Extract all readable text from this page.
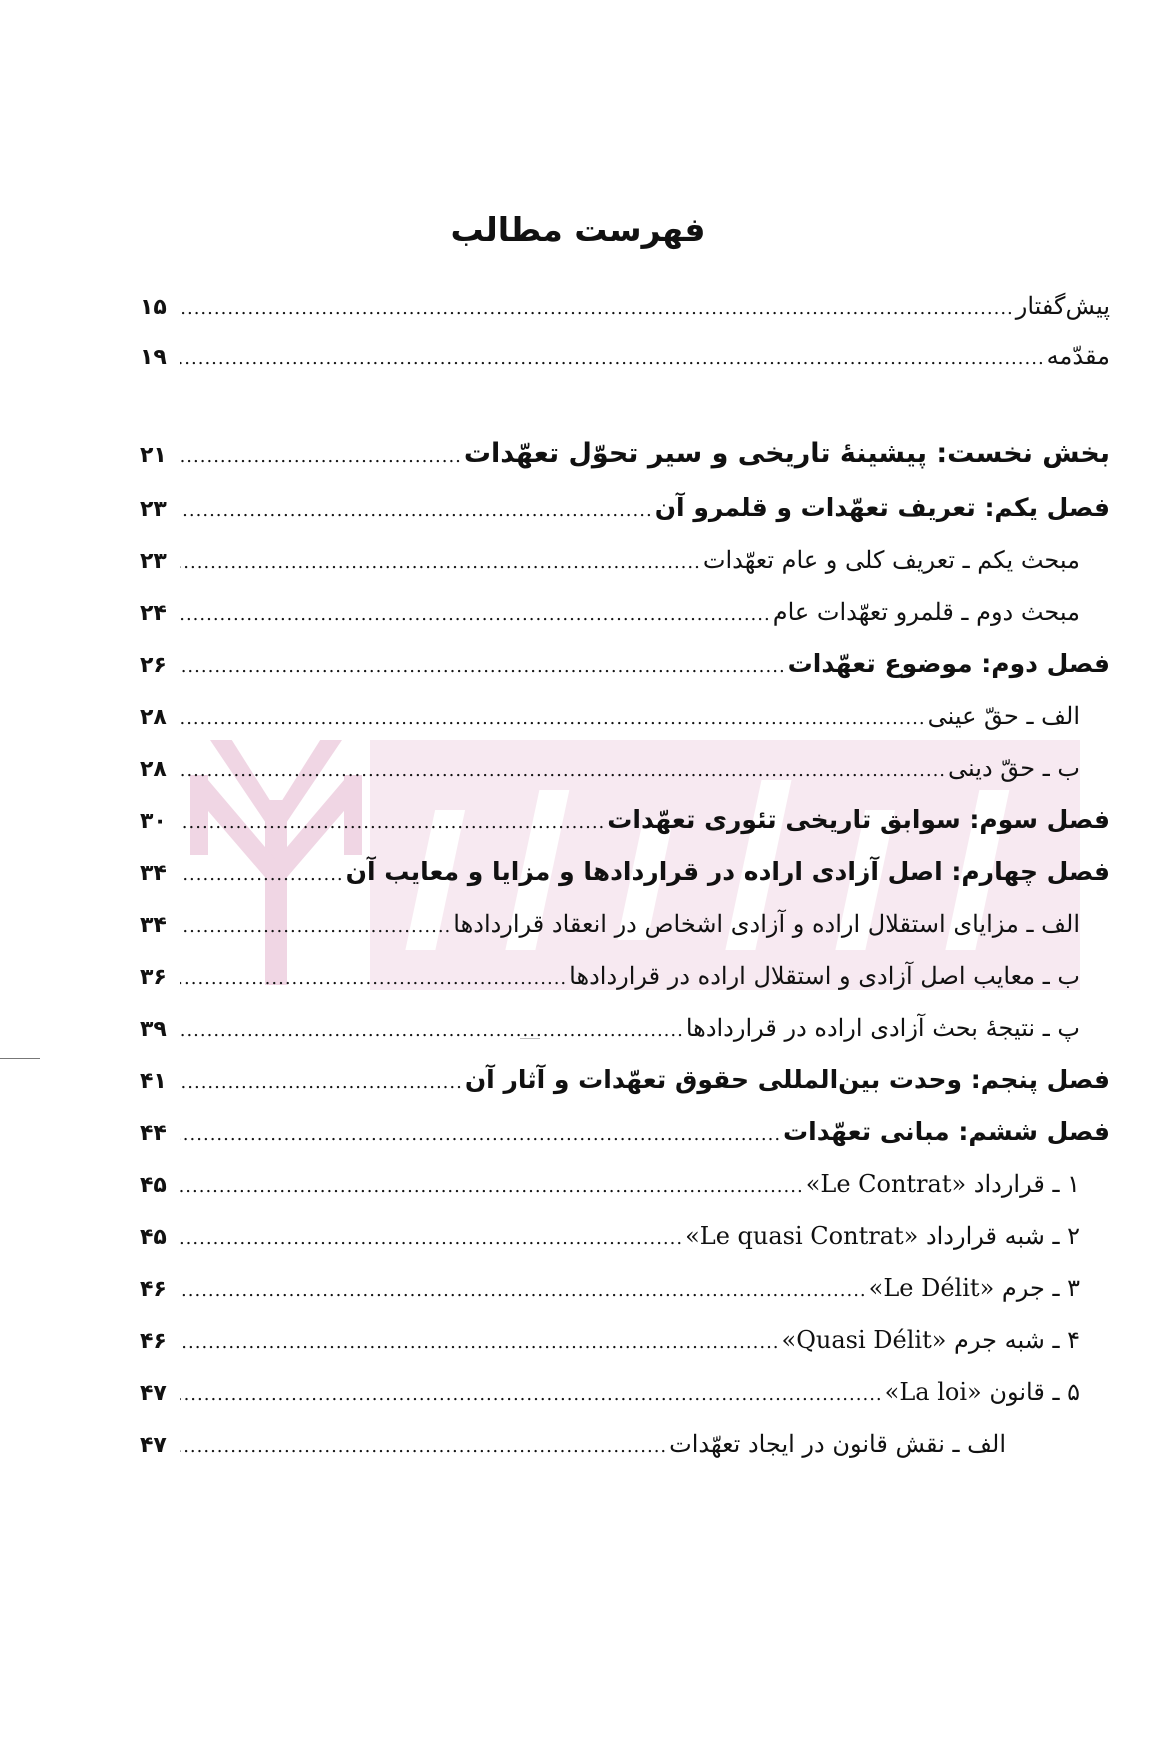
فهرست مطالب
پیش‌گفتار
.....
۱۵
مقدّمه
.....
۱۹
بخش نخست: پیشینهٔ تاریخی و سیر تحوّل تعهّدات
.....
۲۱
فصل یکم: تعریف تعهّدات و قلمرو آن
.....
۲۳
مبحث یکم ـ تعریف کلی و عام تعهّدات
.....
۲۳
مبحث دوم ـ قلمرو تعهّدات عام
.....
۲۴
فصل دوم: موضوع تعهّدات
.....
۲۶
الف ـ حقّ عینی
.....
۲۸
ب ـ حقّ دینی
.....
۲۸
فصل سوم: سوابق تاریخی تئوری تعهّدات
.....
۳۰
فصل چهارم: اصل آزادی اراده در قراردادها و مزایا و معایب آن
.....
۳۴
الف ـ مزایای استقلال اراده و آزادی اشخاص در انعقاد قراردادها
.....
۳۴
ب ـ معایب اصل آزادی و استقلال اراده در قراردادها
.....
۳۶
پ ـ نتیجهٔ بحث آزادی اراده در قراردادها
.....
۳۹
فصل پنجم: وحدت بین‌المللی حقوق تعهّدات و آثار آن
.....
۴۱
فصل ششم: مبانی تعهّدات
.....
۴۴
۱ ـ قرارداد «Le Contrat»
.....
۴۵
۲ ـ شبه قرارداد «Le quasi Contrat»
.....
۴۵
۳ ـ جرم «Le Délit»
.....
۴۶
۴ ـ شبه جرم «Quasi Délit»
.....
۴۶
۵ ـ قانون «La loi»
.....
۴۷
الف ـ نقش قانون در ایجاد تعهّدات
.....
۴۷
